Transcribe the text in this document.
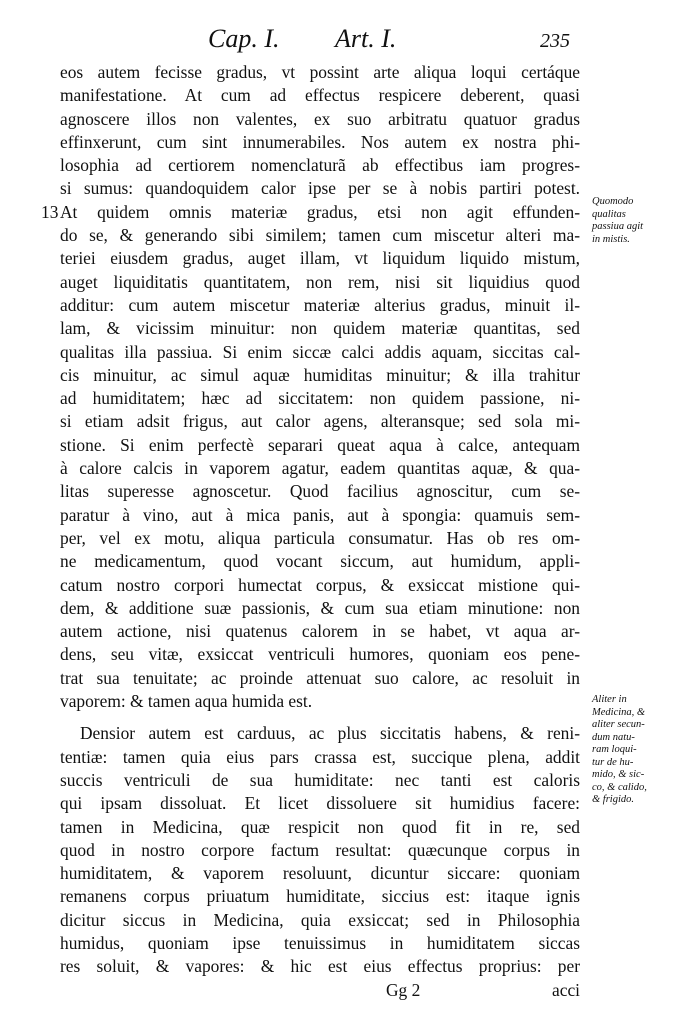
Cap. I. Art. I.	235
eos autem fecisse gradus, vt possint arte aliqua loqui certáque
manifestatione. At cum ad effectus respicere deberent, quasi
agnoscere illos non valentes, ex suo arbitratu quatuor gradus
effinxerunt, cum sint innumerabiles. Nos autem ex nostra phi-
losophia ad certiorem nomenclaturã ab effectibus iam progres-
si sumus: quandoquidem calor ipse per se à nobis partiri potest.
13 At quidem omnis materiæ gradus, etsi non agit effunden-
do se, & generando sibi similem; tamen cum miscetur alteri ma-
teriei eiusdem gradus, auget illam, vt liquidum liquido mistum,
auget liquiditatis quantitatem, non rem, nisi sit liquidius quod
additur: cum autem miscetur materiæ alterius gradus, minuit il-
lam, & vicissim minuitur: non quidem materiæ quantitas, sed
qualitas illa passiua. Si enim siccæ calci addis aquam, siccitas cal-
cis minuitur, ac simul aquæ humiditas minuitur; & illa trahitur
ad humiditatem; hæc ad siccitatem: non quidem passione, ni-
si etiam adsit frigus, aut calor agens, alteransque; sed sola mi-
stione. Si enim perfectè separari queat aqua à calce, antequam
à calore calcis in vaporem agatur, eadem quantitas aquæ, & qua-
litas superesse agnoscetur. Quod facilius agnoscitur, cum se-
paratur à vino, aut à mica panis, aut à spongia: quamuis sem-
per, vel ex motu, aliqua particula consumatur. Has ob res om-
ne medicamentum, quod vocant siccum, aut humidum, appli-
catum nostro corpori humectat corpus, & exsiccat mistione qui-
dem, & additione suæ passionis, & cum sua etiam minutione: non
autem actione, nisi quatenus calorem in se habet, vt aqua ar-
dens, seu vitæ, exsiccat ventriculi humores, quoniam eos pene-
trat sua tenuitate; ac proinde attenuat suo calore, ac resoluit in
vaporem: & tamen aqua humida est.
Densior autem est carduus, ac plus siccitatis habens, & reni-
tentiæ: tamen quia eius pars crassa est, succique plena, addit
succis ventriculi de sua humiditate: nec tanti est caloris
qui ipsam dissoluat. Et licet dissoluere sit humidius facere:
tamen in Medicina, quæ respicit non quod fit in re, sed
quod in nostro corpore factum resultat: quæcunque corpus in
humiditatem, & vaporem resoluunt, dicuntur siccare: quoniam
remanens corpus priuatum humiditate, siccius est: itaque ignis
dicitur siccus in Medicina, quia exsiccat; sed in Philosophia
humidus, quoniam ipse tenuissimus in humiditatem siccas
res soluit, & vapores: & hic est eius effectus proprius: per
Gg 2	acci
Quomodo
qualitas
passiua agit
in mistis.
Aliter in
Medicina, &
aliter secun-
dum natu-
ram loqui-
tur de hu-
mido, & sic-
co, & calido,
& frigido.
